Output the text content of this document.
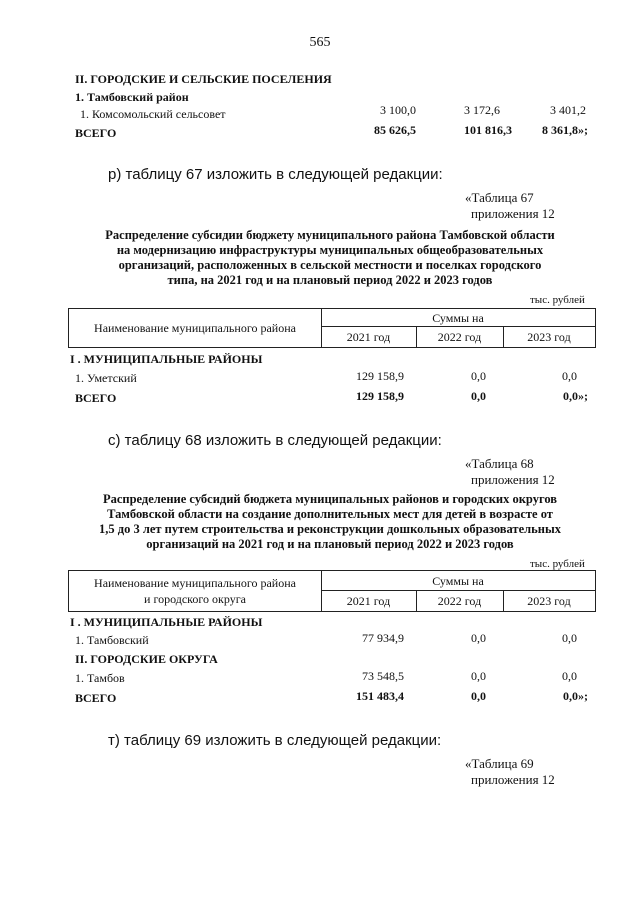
565
II. ГОРОДСКИЕ И СЕЛЬСКИЕ ПОСЕЛЕНИЯ
1. Тамбовский район
1. Комсомольский сельсовет	3 100,0	3 172,6	3 401,2
ВСЕГО	85 626,5	101 816,3	8 361,8»;
р) таблицу 67 изложить в следующей редакции:
«Таблица 67
приложения 12
Распределение субсидии бюджету муниципального района Тамбовской области
на модернизацию инфраструктуры муниципальных общеобразовательных
организаций, расположенных в сельской местности и поселках городского
типа, на 2021 год и на плановый период 2022 и 2023 годов
тыс. рублей
Наименование муниципального района
Суммы на
2021 год	2022 год	2023 год
I . МУНИЦИПАЛЬНЫЕ РАЙОНЫ
1. Уметский	129 158,9	0,0	0,0
ВСЕГО	129 158,9	0,0	0,0»;
с) таблицу 68 изложить в следующей редакции:
«Таблица 68
приложения 12
Распределение субсидий бюджета муниципальных районов и городских округов
Тамбовской области на создание дополнительных мест для детей в возрасте от
1,5 до 3 лет путем строительства и реконструкции дошкольных образовательных
организаций на 2021 год и на плановый период 2022 и 2023 годов
тыс. рублей
Наименование муниципального района
и городского округа
Суммы на
2021 год	2022 год	2023 год
I . МУНИЦИПАЛЬНЫЕ РАЙОНЫ
1. Тамбовский	77 934,9	0,0	0,0
II. ГОРОДСКИЕ ОКРУГА
1. Тамбов	73 548,5	0,0	0,0
ВСЕГО	151 483,4	0,0	0,0»;
т) таблицу 69 изложить в следующей редакции:
«Таблица 69
приложения 12
